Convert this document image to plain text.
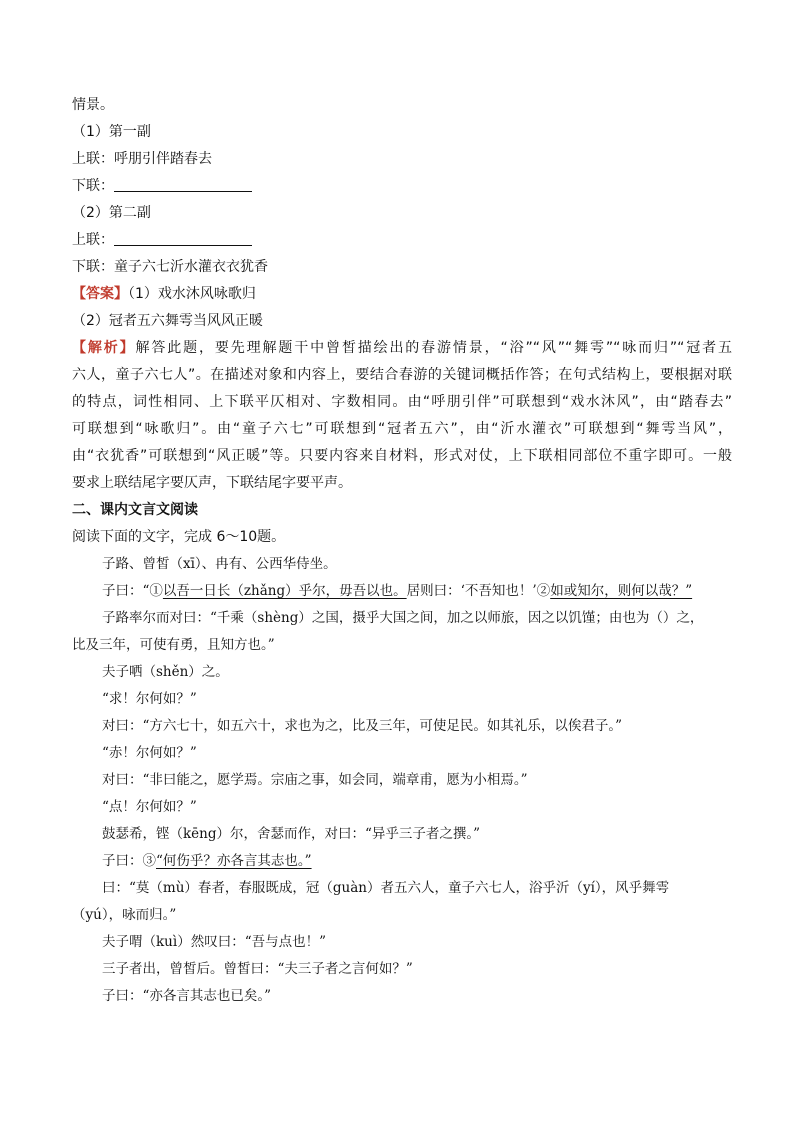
情景。
（1）第一副
上联：呼朋引伴踏春去
下联：
（2）第二副
上联：
下联：童子六七沂水灌衣衣犹香
【答案】（1）戏水沐风咏歌归
（2）冠者五六舞雩当风风正暖
【解析】解答此题，要先理解题干中曾皙描绘出的春游情景，“浴”“风”“舞雩”“咏而归”“冠者五
六人，童子六七人”。在描述对象和内容上，要结合春游的关键词概括作答；在句式结构上，要根据对联
的特点，词性相同、上下联平仄相对、字数相同。由“呼朋引伴”可联想到“戏水沐风”，由“踏春去”
可联想到“咏歌归”。由“童子六七”可联想到“冠者五六”，由“沂水灌衣”可联想到“舞雩当风”，
由“衣犹香”可联想到“风正暖”等。只要内容来自材料，形式对仗，上下联相同部位不重字即可。一般
要求上联结尾字要仄声，下联结尾字要平声。
二、课内文言文阅读
阅读下面的文字，完成 6～10题。
子路、曾皙（xī）、冉有、公西华侍坐。
子曰：“①以吾一日长（zhǎng）乎尔，毋吾以也。居则曰：‘不吾知也！’②如或知尔，则何以哉？”
子路率尔而对曰：“千乘（shèng）之国，摄乎大国之间，加之以师旅，因之以饥馑；由也为（）之，
比及三年，可使有勇，且知方也。”
夫子哂（shěn）之。
“求！尔何如？”
对曰：“方六七十，如五六十，求也为之，比及三年，可使足民。如其礼乐，以俟君子。”
“赤！尔何如？”
对曰：“非曰能之，愿学焉。宗庙之事，如会同，端章甫，愿为小相焉。”
“点！尔何如？”
鼓瑟希，铿（kēng）尔，舍瑟而作，对曰：“异乎三子者之撰。”
子曰：③“何伤乎？亦各言其志也。”
曰：“莫（mù）春者，春服既成，冠（guàn）者五六人，童子六七人，浴乎沂（yí），风乎舞雩
（yú），咏而归。”
夫子喟（kuì）然叹曰：“吾与点也！”
三子者出，曾皙后。曾皙曰：“夫三子者之言何如？”
子曰：“亦各言其志也已矣。”
